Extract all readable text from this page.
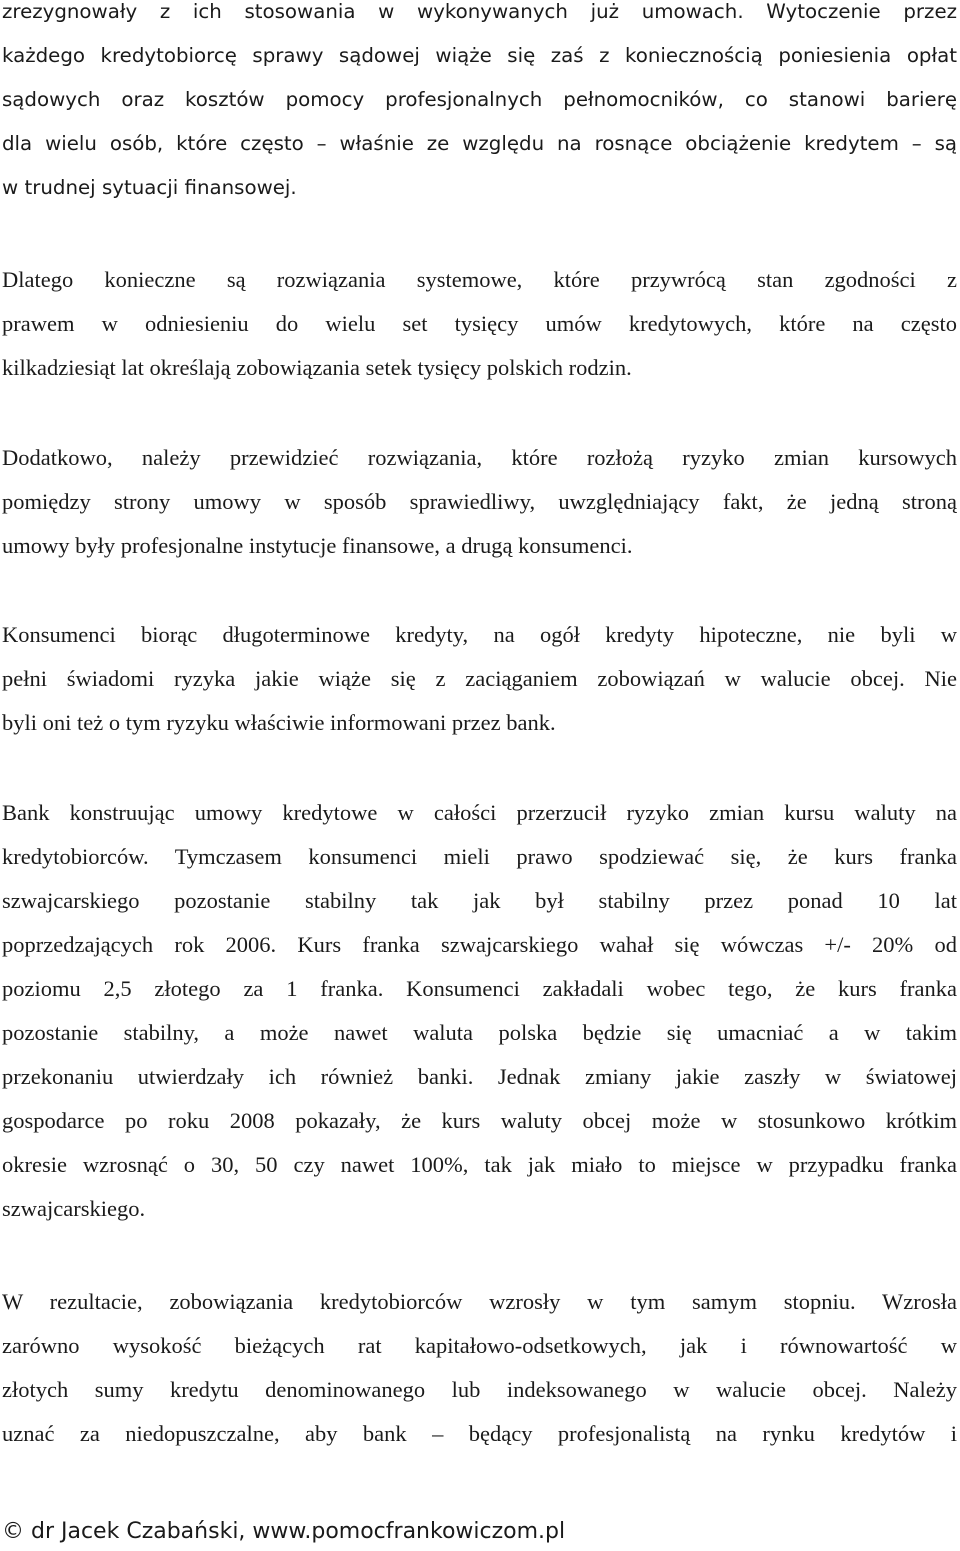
zrezygnowały z ich stosowania w wykonywanych już umowach. Wytoczenie przez
każdego kredytobiorcę sprawy sądowej wiąże się zaś z koniecznością poniesienia opłat
sądowych oraz kosztów pomocy profesjonalnych pełnomocników, co stanowi barierę
dla wielu osób, które często – właśnie ze względu na rosnące obciążenie kredytem – są
w trudnej sytuacji finansowej.
Dlatego konieczne są rozwiązania systemowe, które przywrócą stan zgodności z
prawem w odniesieniu do wielu set tysięcy umów kredytowych, które na często
kilkadziesiąt lat określają zobowiązania setek tysięcy polskich rodzin.
Dodatkowo, należy przewidzieć rozwiązania, które rozłożą ryzyko zmian kursowych
pomiędzy strony umowy w sposób sprawiedliwy, uwzględniający fakt, że jedną stroną
umowy były profesjonalne instytucje finansowe, a drugą konsumenci.
Konsumenci biorąc długoterminowe kredyty, na ogół kredyty hipoteczne, nie byli w
pełni świadomi ryzyka jakie wiąże się z zaciąganiem zobowiązań w walucie obcej. Nie
byli oni też o tym ryzyku właściwie informowani przez bank.
Bank konstruując umowy kredytowe w całości przerzucił ryzyko zmian kursu waluty na
kredytobiorców. Tymczasem konsumenci mieli prawo spodziewać się, że kurs franka
szwajcarskiego pozostanie stabilny tak jak był stabilny przez ponad 10 lat
poprzedzających rok 2006. Kurs franka szwajcarskiego wahał się wówczas +/- 20% od
poziomu 2,5 złotego za 1 franka. Konsumenci zakładali wobec tego, że kurs franka
pozostanie stabilny, a może nawet waluta polska będzie się umacniać a w takim
przekonaniu utwierdzały ich również banki. Jednak zmiany jakie zaszły w światowej
gospodarce po roku 2008 pokazały, że kurs waluty obcej może w stosunkowo krótkim
okresie wzrosnąć o 30, 50 czy nawet 100%, tak jak miało to miejsce w przypadku franka
szwajcarskiego.
W rezultacie, zobowiązania kredytobiorców wzrosły w tym samym stopniu. Wzrosła
zarówno wysokość bieżących rat kapitałowo-odsetkowych, jak i równowartość w
złotych sumy kredytu denominowanego lub indeksowanego w walucie obcej. Należy
uznać za niedopuszczalne, aby bank – będący profesjonalistą na rynku kredytów i
© dr Jacek Czabański, www.pomocfrankowiczom.pl
